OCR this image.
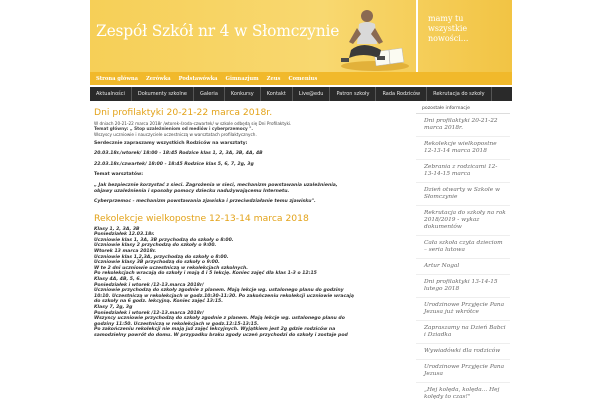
Zespół Szkół nr 4 w Słomczynie
mamy tu wszystkie nowości...
Strona główna Zerówka Podstawówka Gimnazjum Zeus Comenius
Aktualności	Dokumenty szkolne	Galeria	Konkursy	Kontakt	Live@edu	Patron szkoły	Rada Rodziców	Rekrutacja do szkoły
Dni profilaktyki 20-21-22 marca 2018r.
W dniach 20-21-22 marca 2018r /wtorek-środa-czwartek/ w szkole odbędą się Dni Profilaktyki.
Temat główny: „ Stop uzależnieniom od mediów i cyberprzemocy ".
Wszyscy uczniowie i nauczyciele uczestniczą w warsztatach profilaktycznych.
Serdecznie zapraszamy wszystkich Rodziców na warsztaty:
20.03.18r./wtorek/ 18:00 - 18:45 Rodzice klas 1, 2, 3A, 3B, 4A, 4B
22.03.18r./czwartek/ 18:00 - 18:45 Rodzice klas 5, 6, 7, 2g, 3g
Temat warsztatów:
„ Jak bezpiecznie korzystać z sieci. Zagrożenia w sieci, mechanizm powstawania uzależnienia,
objawy uzależnienia i sposoby pomocy dziecku nadużywającemu Internetu.
Cyberprzemoc - mechanizm powstawania zjawiska i przeciwdziałanie temu zjawisku".
Rekolekcje wielkopostne 12-13-14 marca 2018
Klasy 1, 2, 3A, 3B
Poniedziałek 12.03.18r.
Uczniowie klas 1, 3A, 3B przychodzą do szkoły o 8:00.
Uczniowie klasy 2 przychodzą do szkoły o 9:00.
Wtorek 13 marca 2018r.
Uczniowie klas 1,2,3A, przychodzą do szkoły o 8:00.
Uczniowie klasy 3B przychodzą do szkoły o 9:00.
W te 2 dni uczniowie uczestniczą w rekolekcjach szkolnych.
Po rekolekcjach wracają do szkoły i mają 4 i 5 lekcję. Koniec zajęć dla klas 1-3 o 12:15
Klasy 4A, 4B, 5, 6.
Poniedziałek i wtorek /12-13.marca 2018r/
Uczniowie przychodzą do szkoły zgodnie z planem. Mają lekcje wg. ustalonego planu do godziny
10:10. Uczestniczą w rekolekcjach w godz.10:30-11:30. Po zakończeniu rekolekcji uczniowie wracają
do szkoły na 6 godz. lekcyjną. Koniec zajęć 13:15.
Klasy 7, 2g, 3g
Poniedziałek i wtorek /12-13.marca 2018r/
Wszyscy uczniowie przychodzą do szkoły zgodnie z planem. Mają lekcje wg. ustalonego planu do
godziny 11:50. Uczestniczą w rekolekcjach w godz.12:15-13:15.
Po zakończeniu rekolekcji nie mają już zajęć lekcyjnych. Wyjątkiem jest 2g gdzie rodziców na
samodzielny powrót do domu. W przypadku braku zgody uczeń przychodzi do szkoły i zostaje pod
pozostałe informacje
Dni profilaktyki 20-21-22 marca 2018r.
Rekolekcje wielkopostne 12-13-14 marca 2018
Zebrania z rodzicami 12-13-14-15 marca
Dzień otwarty w Szkole w Słomczynie
Rekrutacja do szkoły na rok 2018/2019 - wykaz dokumentów
Cała szkoła czyta dzieciom – seria lutowa
Artur Nogal
Dni profilaktyki 13-14-15 lutego 2018
Urodzinowe Przyjęcie Pana Jezusa już wkrótce
Zapraszamy na Dzień Babci i Dziadka
Wywiadówki dla rodziców
Urodzinowe Przyjęcie Pana Jezusa
„Hej kolęda, kolęda... Hej kolędy to czas!"
